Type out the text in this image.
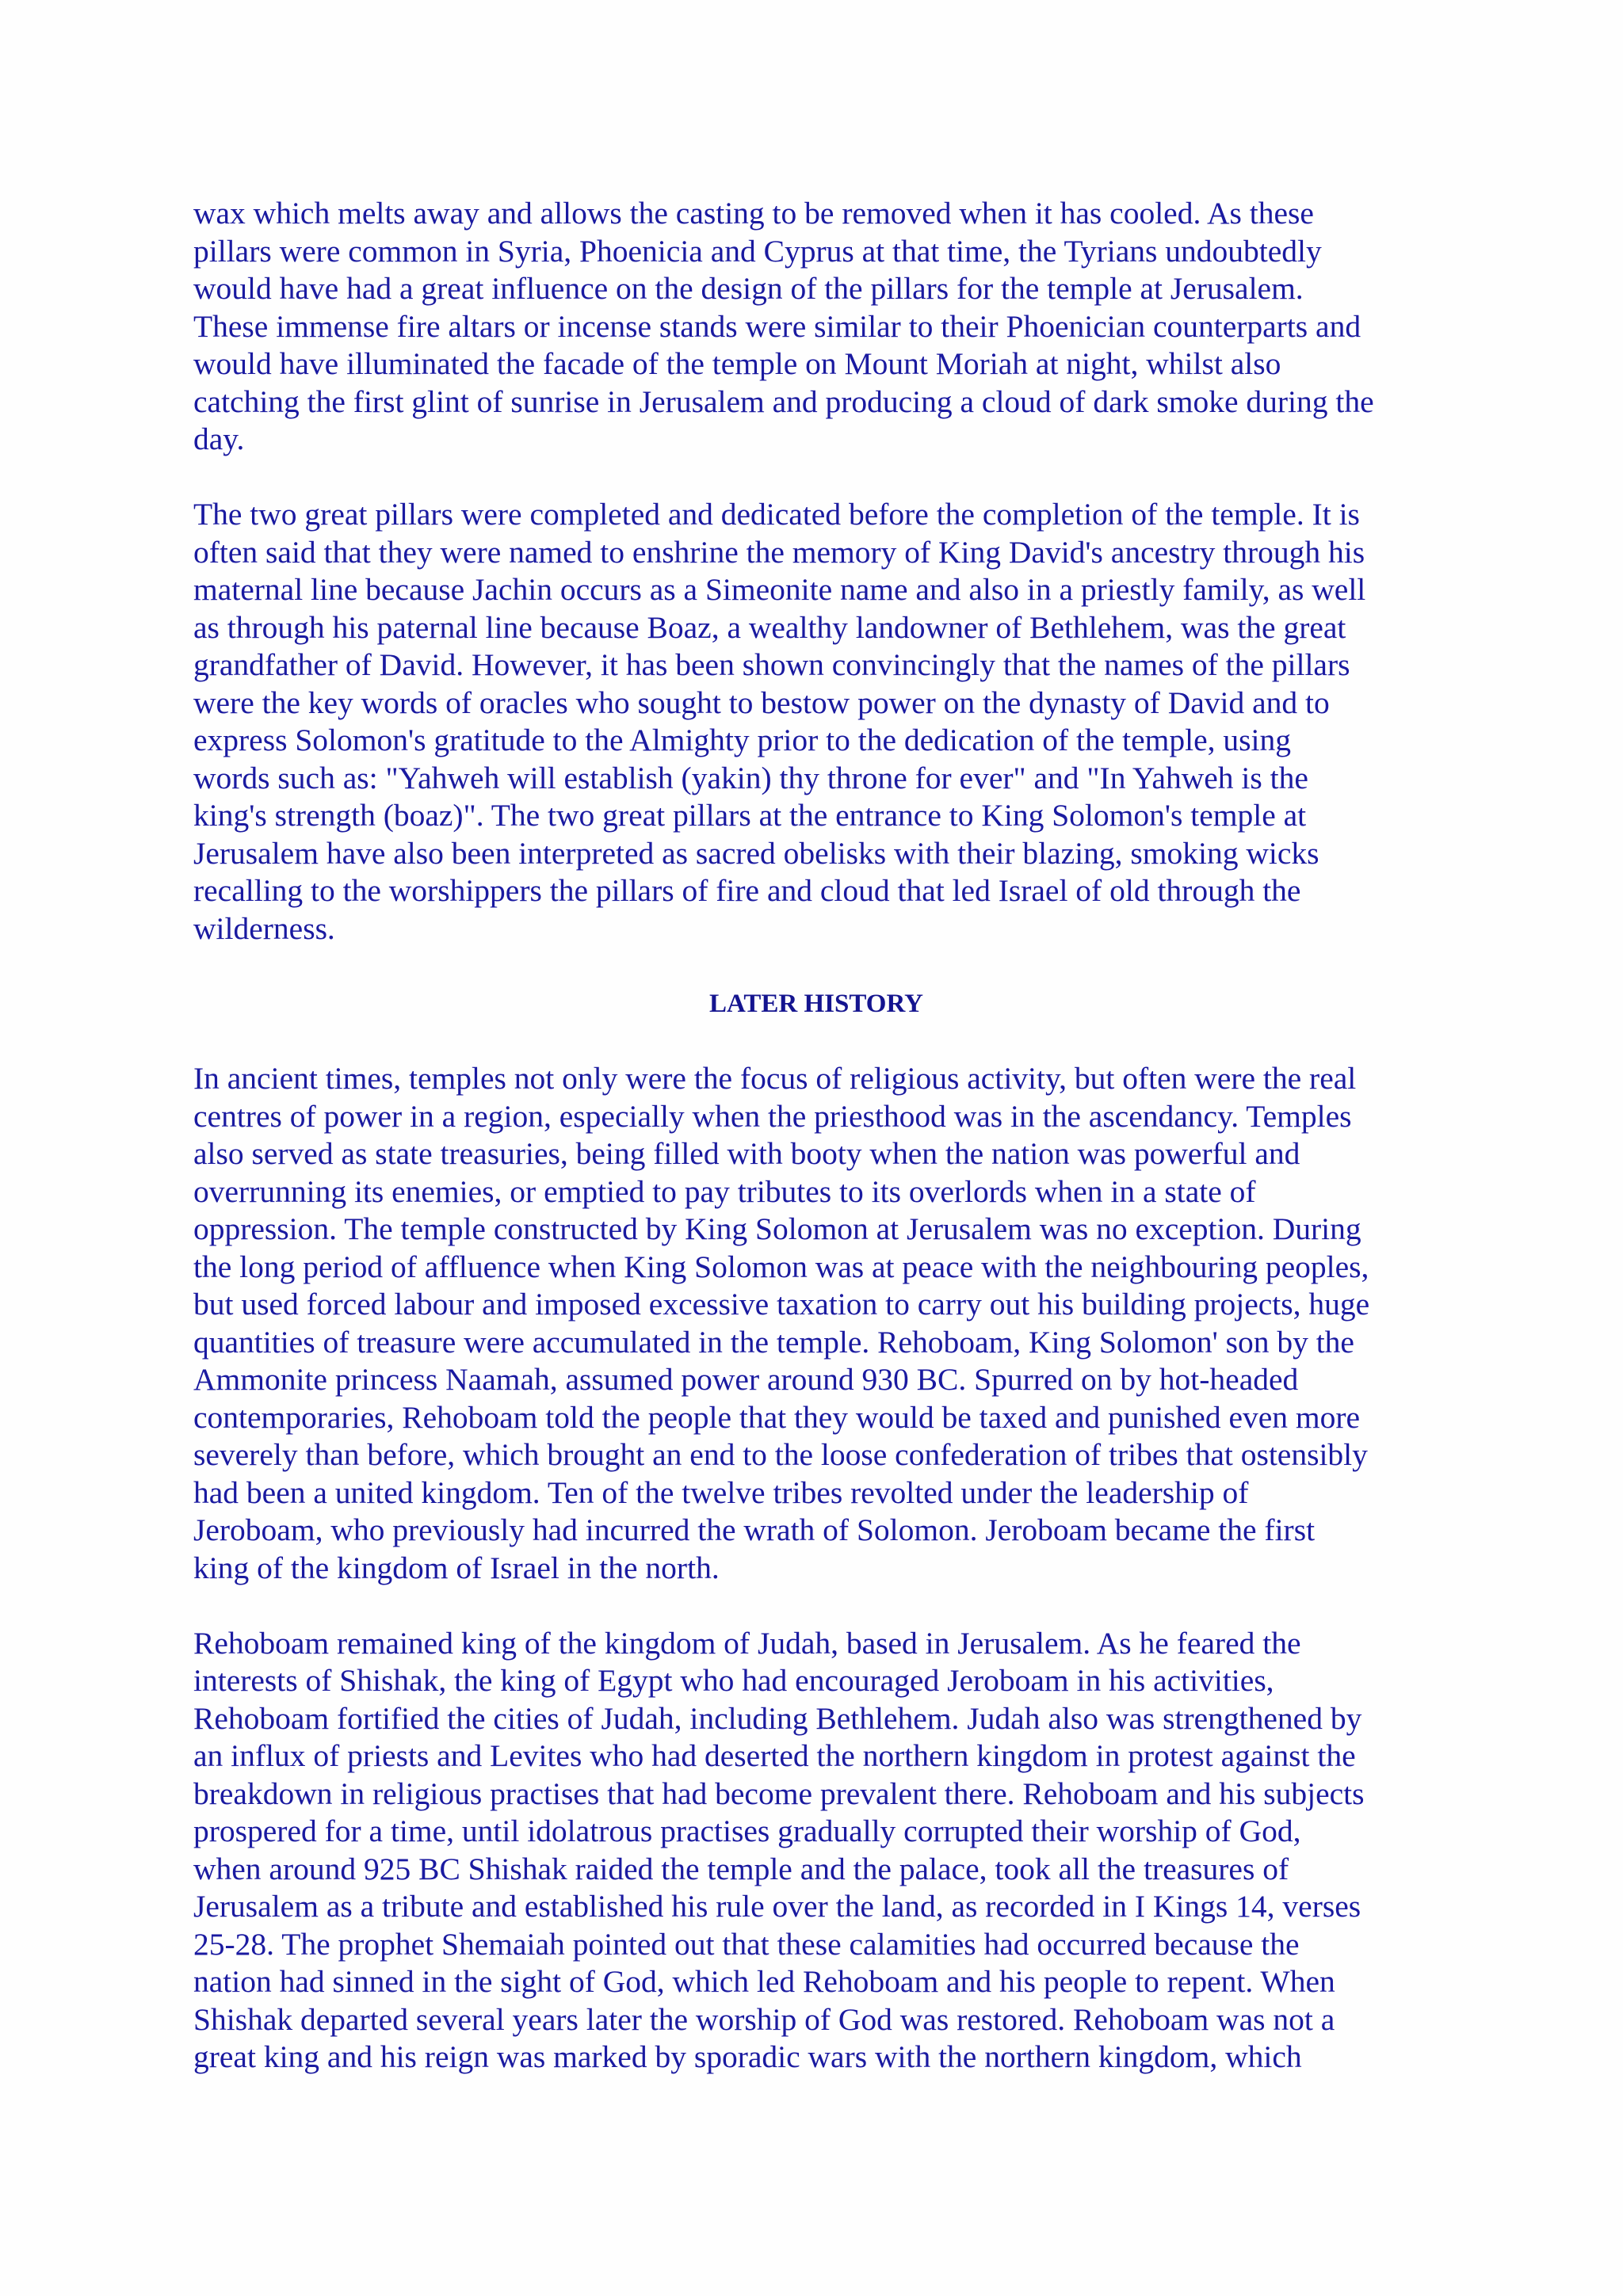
wax which melts away and allows the casting to be removed when it has cooled. As these
pillars were common in Syria, Phoenicia and Cyprus at that time, the Tyrians undoubtedly
would have had a great influence on the design of the pillars for the temple at Jerusalem.
These immense fire altars or incense stands were similar to their Phoenician counterparts and
would have illuminated the facade of the temple on Mount Moriah at night, whilst also
catching the first glint of sunrise in Jerusalem and producing a cloud of dark smoke during the
day.

The two great pillars were completed and dedicated before the completion of the temple. It is
often said that they were named to enshrine the memory of King David's ancestry through his
maternal line because Jachin occurs as a Simeonite name and also in a priestly family, as well
as through his paternal line because Boaz, a wealthy landowner of Bethlehem, was the great
grandfather of David. However, it has been shown convincingly that the names of the pillars
were the key words of oracles who sought to bestow power on the dynasty of David and to
express Solomon's gratitude to the Almighty prior to the dedication of the temple, using
words such as: "Yahweh will establish (yakin) thy throne for ever" and "In Yahweh is the
king's strength (boaz)". The two great pillars at the entrance to King Solomon's temple at
Jerusalem have also been interpreted as sacred obelisks with their blazing, smoking wicks
recalling to the worshippers the pillars of fire and cloud that led Israel of old through the
wilderness.

LATER HISTORY

In ancient times, temples not only were the focus of religious activity, but often were the real
centres of power in a region, especially when the priesthood was in the ascendancy. Temples
also served as state treasuries, being filled with booty when the nation was powerful and
overrunning its enemies, or emptied to pay tributes to its overlords when in a state of
oppression. The temple constructed by King Solomon at Jerusalem was no exception. During
the long period of affluence when King Solomon was at peace with the neighbouring peoples,
but used forced labour and imposed excessive taxation to carry out his building projects, huge
quantities of treasure were accumulated in the temple. Rehoboam, King Solomon' son by the
Ammonite princess Naamah, assumed power around 930 BC. Spurred on by hot-headed
contemporaries, Rehoboam told the people that they would be taxed and punished even more
severely than before, which brought an end to the loose confederation of tribes that ostensibly
had been a united kingdom. Ten of the twelve tribes revolted under the leadership of
Jeroboam, who previously had incurred the wrath of Solomon. Jeroboam became the first
king of the kingdom of Israel in the north.

Rehoboam remained king of the kingdom of Judah, based in Jerusalem. As he feared the
interests of Shishak, the king of Egypt who had encouraged Jeroboam in his activities,
Rehoboam fortified the cities of Judah, including Bethlehem. Judah also was strengthened by
an influx of priests and Levites who had deserted the northern kingdom in protest against the
breakdown in religious practises that had become prevalent there. Rehoboam and his subjects
prospered for a time, until idolatrous practises gradually corrupted their worship of God,
when around 925 BC Shishak raided the temple and the palace, took all the treasures of
Jerusalem as a tribute and established his rule over the land, as recorded in I Kings 14, verses
25-28. The prophet Shemaiah pointed out that these calamities had occurred because the
nation had sinned in the sight of God, which led Rehoboam and his people to repent. When
Shishak departed several years later the worship of God was restored. Rehoboam was not a
great king and his reign was marked by sporadic wars with the northern kingdom, which
